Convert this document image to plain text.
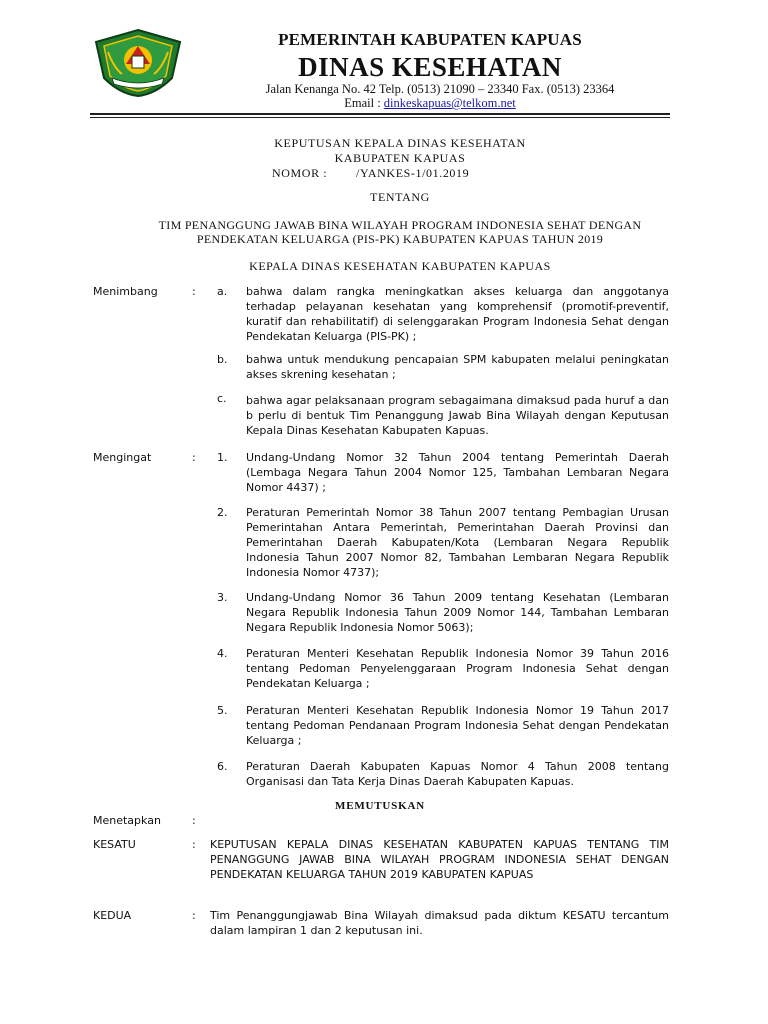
PEMERINTAH KABUPATEN KAPUAS
DINAS KESEHATAN
Jalan Kenanga No. 42 Telp. (0513) 21090 – 23340 Fax. (0513) 23364
Email : dinkeskapuas@telkom.net
KEPUTUSAN KEPALA DINAS KESEHATAN
KABUPATEN KAPUAS
NOMOR : /YANKES-1/01.2019
TENTANG
TIM PENANGGUNG JAWAB BINA WILAYAH PROGRAM INDONESIA SEHAT DENGAN
PENDEKATAN KELUARGA (PIS-PK) KABUPATEN KAPUAS TAHUN 2019
KEPALA DINAS KESEHATAN KABUPATEN KAPUAS
Menimbang	: a. bahwa dalam rangka meningkatkan akses keluarga dan anggotanya
terhadap pelayanan kesehatan yang komprehensif (promotif-preventif,
kuratif dan rehabilitatif) di selenggarakan Program Indonesia Sehat dengan
Pendekatan Keluarga (PIS-PK) ;
b. bahwa untuk mendukung pencapaian SPM kabupaten melalui peningkatan
akses skrening kesehatan ;
c. bahwa agar pelaksanaan program sebagaimana dimaksud pada huruf a dan
b perlu di bentuk Tim Penanggung Jawab Bina Wilayah dengan Keputusan
Kepala Dinas Kesehatan Kabupaten Kapuas.
Mengingat	: 1. Undang-Undang Nomor 32 Tahun 2004 tentang Pemerintah Daerah
(Lembaga Negara Tahun 2004 Nomor 125, Tambahan Lembaran Negara
Nomor 4437) ;
2. Peraturan Pemerintah Nomor 38 Tahun 2007 tentang Pembagian Urusan
Pemerintahan Antara Pemerintah, Pemerintahan Daerah Provinsi dan
Pemerintahan Daerah Kabupaten/Kota (Lembaran Negara Republik
Indonesia Tahun 2007 Nomor 82, Tambahan Lembaran Negara Republik
Indonesia Nomor 4737);
3. Undang-Undang Nomor 36 Tahun 2009 tentang Kesehatan (Lembaran
Negara Republik Indonesia Tahun 2009 Nomor 144, Tambahan Lembaran
Negara Republik Indonesia Nomor 5063);
4. Peraturan Menteri Kesehatan Republik Indonesia Nomor 39 Tahun 2016
tentang Pedoman Penyelenggaraan Program Indonesia Sehat dengan
Pendekatan Keluarga ;
5. Peraturan Menteri Kesehatan Republik Indonesia Nomor 19 Tahun 2017
tentang Pedoman Pendanaan Program Indonesia Sehat dengan Pendekatan
Keluarga ;
6. Peraturan Daerah Kabupaten Kapuas Nomor 4 Tahun 2008 tentang
Organisasi dan Tata Kerja Dinas Daerah Kabupaten Kapuas.
MEMUTUSKAN
Menetapkan	:
KESATU	: KEPUTUSAN KEPALA DINAS KESEHATAN KABUPATEN KAPUAS TENTANG TIM
PENANGGUNG JAWAB BINA WILAYAH PROGRAM INDONESIA SEHAT DENGAN
PENDEKATAN KELUARGA TAHUN 2019 KABUPATEN KAPUAS
KEDUA	: Tim Penanggungjawab Bina Wilayah dimaksud pada diktum KESATU tercantum
dalam lampiran 1 dan 2 keputusan ini.
